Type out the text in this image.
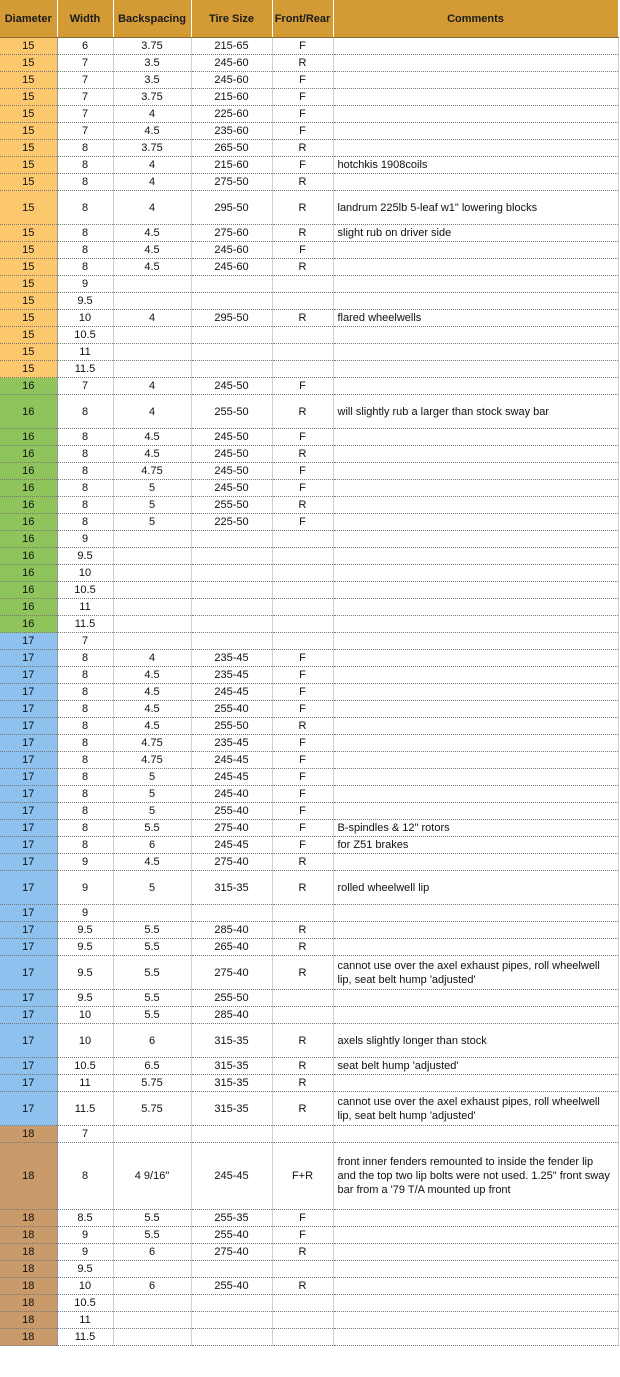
Diameter	Width	Backspacing	Tire Size	Front/Rear	Comments
15	6	3.75	215-65	F	
15	7	3.5	245-60	R	
15	7	3.5	245-60	F	
15	7	3.75	215-60	F	
15	7	4	225-60	F	
15	7	4.5	235-60	F	
15	8	3.75	265-50	R	
15	8	4	215-60	F	hotchkis 1908coils
15	8	4	275-50	R	
15	8	4	295-50	R	landrum 225lb 5-leaf w1" lowering blocks
15	8	4.5	275-60	R	slight rub on driver side
15	8	4.5	245-60	F	
15	8	4.5	245-60	R	
15	9				
15	9.5				
15	10	4	295-50	R	flared wheelwells
15	10.5				
15	11				
15	11.5				
16	7	4	245-50	F	
16	8	4	255-50	R	will slightly rub a larger than stock sway bar
16	8	4.5	245-50	F	
16	8	4.5	245-50	R	
16	8	4.75	245-50	F	
16	8	5	245-50	F	
16	8	5	255-50	R	
16	8	5	225-50	F	
16	9				
16	9.5				
16	10				
16	10.5				
16	11				
16	11.5				
17	7				
17	8	4	235-45	F	
17	8	4.5	235-45	F	
17	8	4.5	245-45	F	
17	8	4.5	255-40	F	
17	8	4.5	255-50	R	
17	8	4.75	235-45	F	
17	8	4.75	245-45	F	
17	8	5	245-45	F	
17	8	5	245-40	F	
17	8	5	255-40	F	
17	8	5.5	275-40	F	B-spindles & 12" rotors
17	8	6	245-45	F	for Z51 brakes
17	9	4.5	275-40	R	
17	9	5	315-35	R	rolled wheelwell lip
17	9				
17	9.5	5.5	285-40	R	
17	9.5	5.5	265-40	R	
17	9.5	5.5	275-40	R	cannot use over the axel exhaust pipes, roll wheelwell lip, seat belt hump 'adjusted'
17	9.5	5.5	255-50		
17	10	5.5	285-40		
17	10	6	315-35	R	axels slightly longer than stock
17	10.5	6.5	315-35	R	seat belt hump 'adjusted'
17	11	5.75	315-35	R	
17	11.5	5.75	315-35	R	cannot use over the axel exhaust pipes, roll wheelwell lip, seat belt hump 'adjusted'
18	7				
18	8	4 9/16"	245-45	F+R	front inner fenders remounted to inside the fender lip and the top two lip bolts were not used. 1.25" front sway bar from a '79 T/A mounted up front
18	8.5	5.5	255-35	F	
18	9	5.5	255-40	F	
18	9	6	275-40	R	
18	9.5				
18	10	6	255-40	R	
18	10.5				
18	11				
18	11.5				
